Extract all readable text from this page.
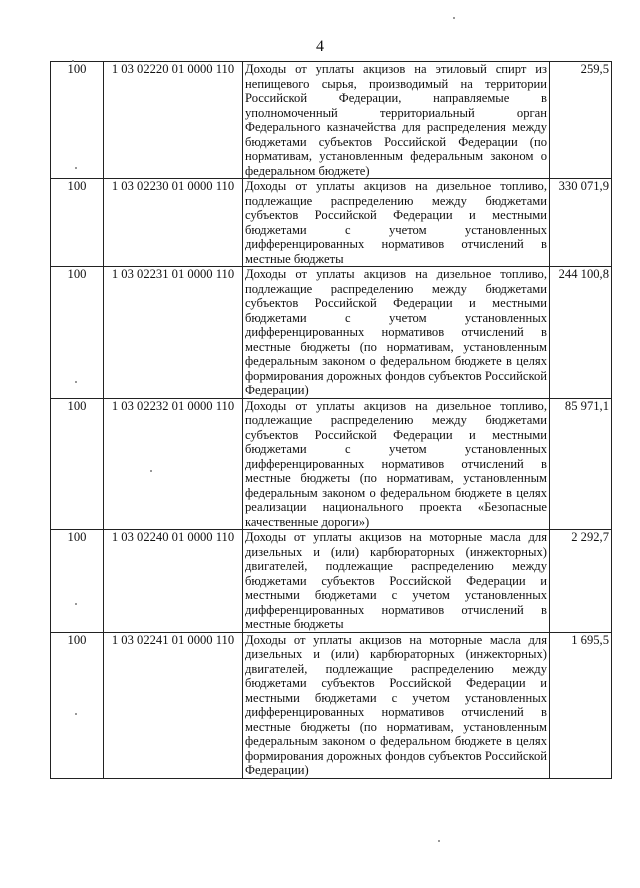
4
100	1 03 02220 01 0000 110	Доходы от уплаты акцизов на этиловый спирт из непищевого сырья, производимый на территории Российской Федерации, направляемые в уполномоченный территориальный орган Федерального казначейства для распределения между бюджетами субъектов Российской Федерации (по нормативам, установленным федеральным законом о федеральном бюджете)	259,5
100	1 03 02230 01 0000 110	Доходы от уплаты акцизов на дизельное топливо, подлежащие распределению между бюджетами субъектов Российской Федерации и местными бюджетами с учетом установленных дифференцированных нормативов отчислений в местные бюджеты	330 071,9
100	1 03 02231 01 0000 110	Доходы от уплаты акцизов на дизельное топливо, подлежащие распределению между бюджетами субъектов Российской Федерации и местными бюджетами с учетом установленных дифференцированных нормативов отчислений в местные бюджеты (по нормативам, установленным федеральным законом о федеральном бюджете в целях формирования дорожных фондов субъектов Российской Федерации)	244 100,8
100	1 03 02232 01 0000 110	Доходы от уплаты акцизов на дизельное топливо, подлежащие распределению между бюджетами субъектов Российской Федерации и местными бюджетами с учетом установленных дифференцированных нормативов отчислений в местные бюджеты (по нормативам, установленным федеральным законом о федеральном бюджете в целях реализации национального проекта «Безопасные качественные дороги»)	85 971,1
100	1 03 02240 01 0000 110	Доходы от уплаты акцизов на моторные масла для дизельных и (или) карбюраторных (инжекторных) двигателей, подлежащие распределению между бюджетами субъектов Российской Федерации и местными бюджетами с учетом установленных дифференцированных нормативов отчислений в местные бюджеты	2 292,7
100	1 03 02241 01 0000 110	Доходы от уплаты акцизов на моторные масла для дизельных и (или) карбюраторных (инжекторных) двигателей, подлежащие распределению между бюджетами субъектов Российской Федерации и местными бюджетами с учетом установленных дифференцированных нормативов отчислений в местные бюджеты (по нормативам, установленным федеральным законом о федеральном бюджете в целях формирования дорожных фондов субъектов Российской Федерации)	1 695,5
